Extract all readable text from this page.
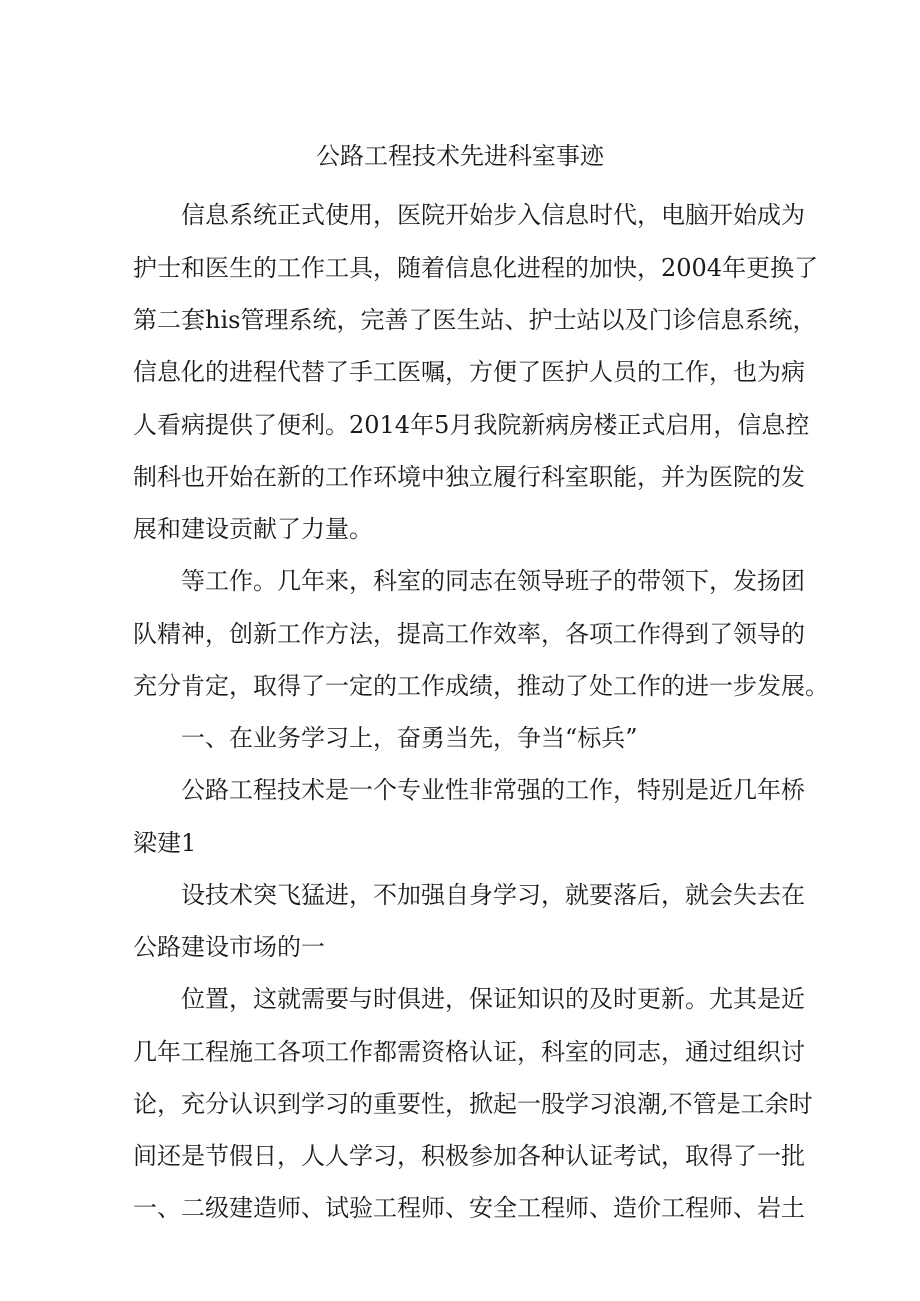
公路工程技术先进科室事迹
信息系统正式使用，医院开始步入信息时代，电脑开始成为
护士和医生的工作工具，随着信息化进程的加快，2004年更换了
第二套his管理系统，完善了医生站、护士站以及门诊信息系统，
信息化的进程代替了手工医嘱，方便了医护人员的工作，也为病
人看病提供了便利。2014年5月我院新病房楼正式启用，信息控
制科也开始在新的工作环境中独立履行科室职能，并为医院的发
展和建设贡献了力量。
等工作。几年来，科室的同志在领导班子的带领下，发扬团
队精神，创新工作方法，提高工作效率，各项工作得到了领导的
充分肯定，取得了一定的工作成绩，推动了处工作的进一步发展。
一、在业务学习上，奋勇当先，争当“标兵”
公路工程技术是一个专业性非常强的工作，特别是近几年桥
梁建1
设技术突飞猛进，不加强自身学习，就要落后，就会失去在
公路建设市场的一
位置，这就需要与时俱进，保证知识的及时更新。尤其是近
几年工程施工各项工作都需资格认证，科室的同志，通过组织讨
论，充分认识到学习的重要性，掀起一股学习浪潮,不管是工余时
间还是节假日，人人学习，积极参加各种认证考试，取得了一批
一、二级建造师、试验工程师、安全工程师、造价工程师、岩土
